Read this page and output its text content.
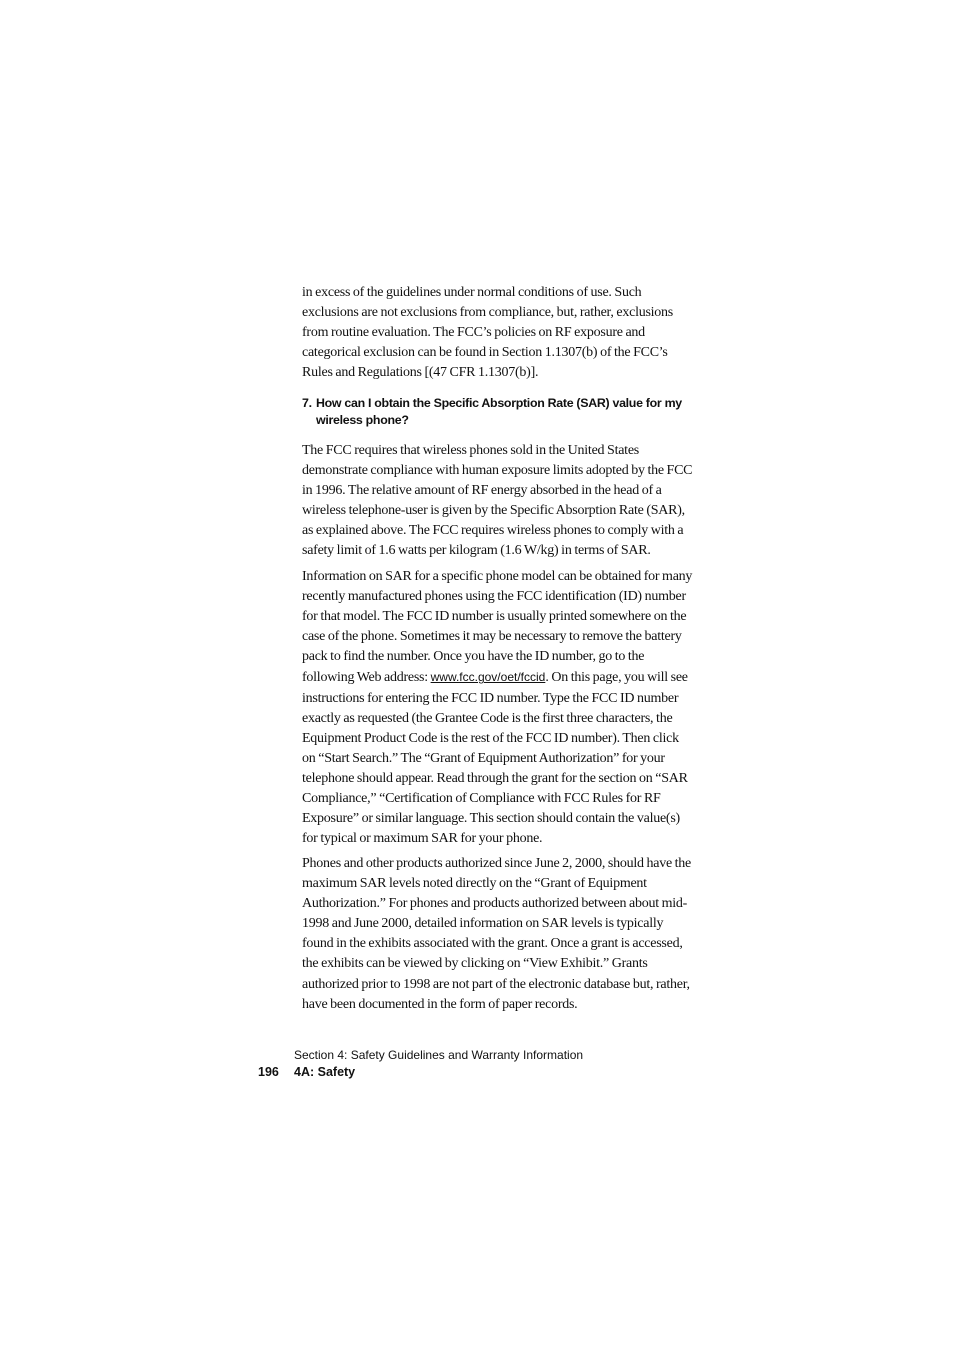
in excess of the guidelines under normal conditions of use. Such exclusions are not exclusions from compliance, but, rather, exclusions from routine evaluation. The FCC’s policies on RF exposure and categorical exclusion can be found in Section 1.1307(b) of the FCC’s Rules and Regulations [(47 CFR 1.1307(b)].

7. How can I obtain the Specific Absorption Rate (SAR) value for my
wireless phone?

The FCC requires that wireless phones sold in the United States demonstrate compliance with human exposure limits adopted by the FCC in 1996. The relative amount of RF energy absorbed in the head of a wireless telephone-user is given by the Specific Absorption Rate (SAR), as explained above. The FCC requires wireless phones to comply with a safety limit of 1.6 watts per kilogram (1.6 W/kg) in terms of SAR.

Information on SAR for a specific phone model can be obtained for many recently manufactured phones using the FCC identification (ID) number for that model. The FCC ID number is usually printed somewhere on the case of the phone. Sometimes it may be necessary to remove the battery pack to find the number. Once you have the ID number, go to the following Web address: www.fcc.gov/oet/fccid. On this page, you will see instructions for entering the FCC ID number. Type the FCC ID number exactly as requested (the Grantee Code is the first three characters, the Equipment Product Code is the rest of the FCC ID number). Then click on “Start Search.” The “Grant of Equipment Authorization” for your telephone should appear. Read through the grant for the section on “SAR Compliance,” “Certification of Compliance with FCC Rules for RF Exposure” or similar language. This section should contain the value(s) for typical or maximum SAR for your phone.

Phones and other products authorized since June 2, 2000, should have the maximum SAR levels noted directly on the “Grant of Equipment Authorization.” For phones and products authorized between about mid-1998 and June 2000, detailed information on SAR levels is typically found in the exhibits associated with the grant. Once a grant is accessed, the exhibits can be viewed by clicking on “View Exhibit.” Grants authorized prior to 1998 are not part of the electronic database but, rather, have been documented in the form of paper records.

Section 4: Safety Guidelines and Warranty Information
196 4A: Safety
